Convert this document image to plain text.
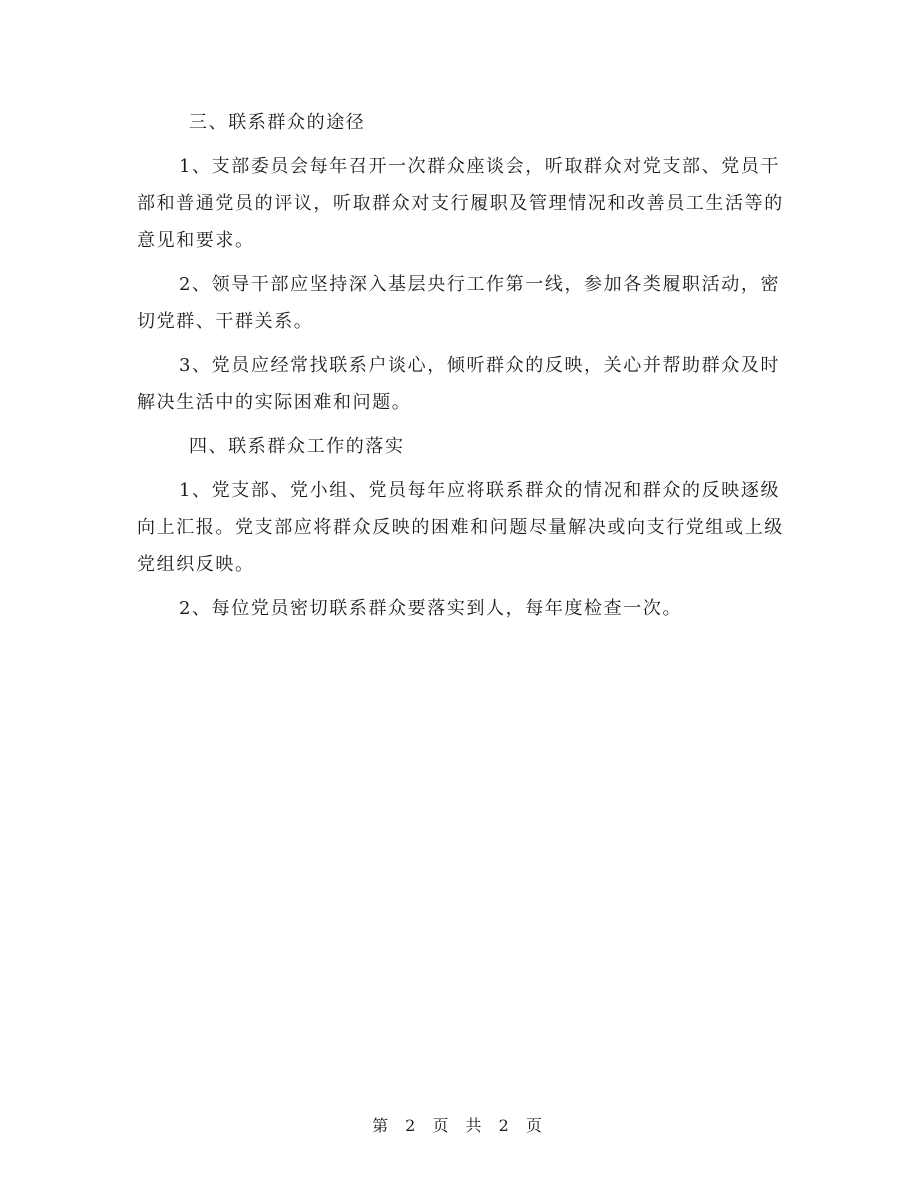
三、联系群众的途径

1、支部委员会每年召开一次群众座谈会，听取群众对党支部、党员干部和普通党员的评议，听取群众对支行履职及管理情况和改善员工生活等的意见和要求。

2、领导干部应坚持深入基层央行工作第一线，参加各类履职活动，密切党群、干群关系。

3、党员应经常找联系户谈心，倾听群众的反映，关心并帮助群众及时解决生活中的实际困难和问题。

四、联系群众工作的落实

1、党支部、党小组、党员每年应将联系群众的情况和群众的反映逐级向上汇报。党支部应将群众反映的困难和问题尽量解决或向支行党组或上级党组织反映。

2、每位党员密切联系群众要落实到人，每年度检查一次。

第 2 页 共 2 页
